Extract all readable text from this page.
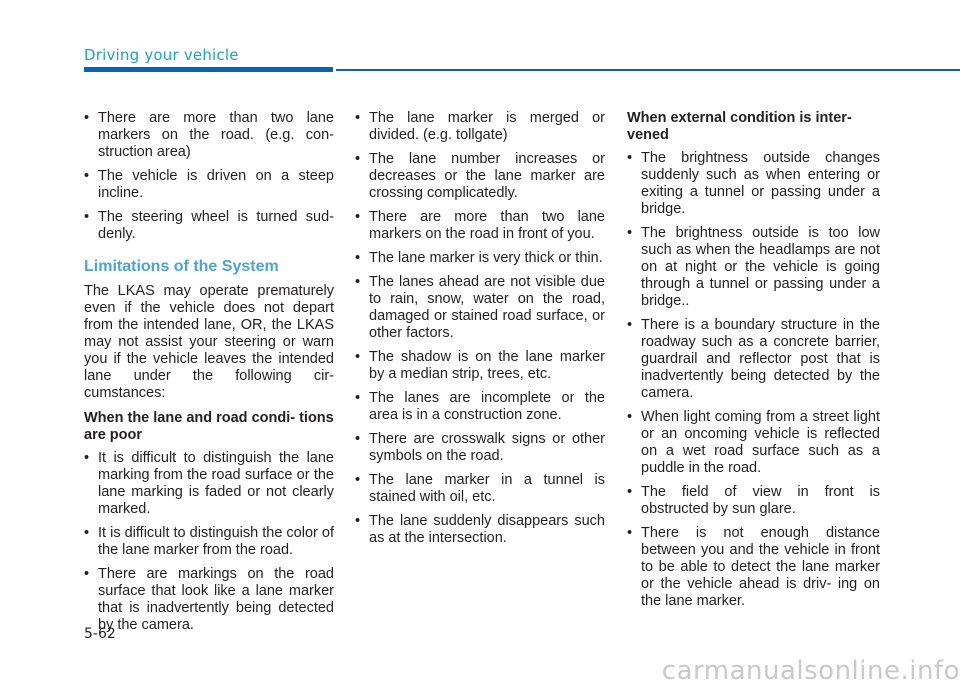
Driving your vehicle
• There are more than two lane markers on the road. (e.g. con- struction area)
• The vehicle is driven on a steep incline.
• The steering wheel is turned sud- denly.
Limitations of the System

The LKAS may operate prematurely even if the vehicle does not depart from the intended lane, OR, the LKAS may not assist your steering or warn you if the vehicle leaves the intended lane under the following cir- cumstances:

When the lane and road condi- tions are poor
• It is difficult to distinguish the lane marking from the road surface or the lane marking is faded or not clearly marked.
• It is difficult to distinguish the color of the lane marker from the road.
• There are markings on the road surface that look like a lane marker that is inadvertently being detected by the camera.
• The lane marker is merged or divided. (e.g. tollgate)
• The lane number increases or decreases or the lane marker are crossing complicatedly.
• There are more than two lane markers on the road in front of you.
• The lane marker is very thick or thin.
• The lanes ahead are not visible due to rain, snow, water on the road, damaged or stained road surface, or other factors.
• The shadow is on the lane marker by a median strip, trees, etc.
• The lanes are incomplete or the area is in a construction zone.
• There are crosswalk signs or other symbols on the road.
• The lane marker in a tunnel is stained with oil, etc.
• The lane suddenly disappears such as at the intersection.
When external condition is inter- vened
• The brightness outside changes suddenly such as when entering or exiting a tunnel or passing under a bridge.
• The brightness outside is too low such as when the headlamps are not on at night or the vehicle is going through a tunnel or passing under a bridge..
• There is a boundary structure in the roadway such as a concrete barrier, guardrail and reflector post that is inadvertently being detected by the camera.
• When light coming from a street light or an oncoming vehicle is reflected on a wet road surface such as a puddle in the road.
• The field of view in front is obstructed by sun glare.
• There is not enough distance between you and the vehicle in front to be able to detect the lane marker or the vehicle ahead is driv- ing on the lane marker.
5-62
carmanualsonline.info
